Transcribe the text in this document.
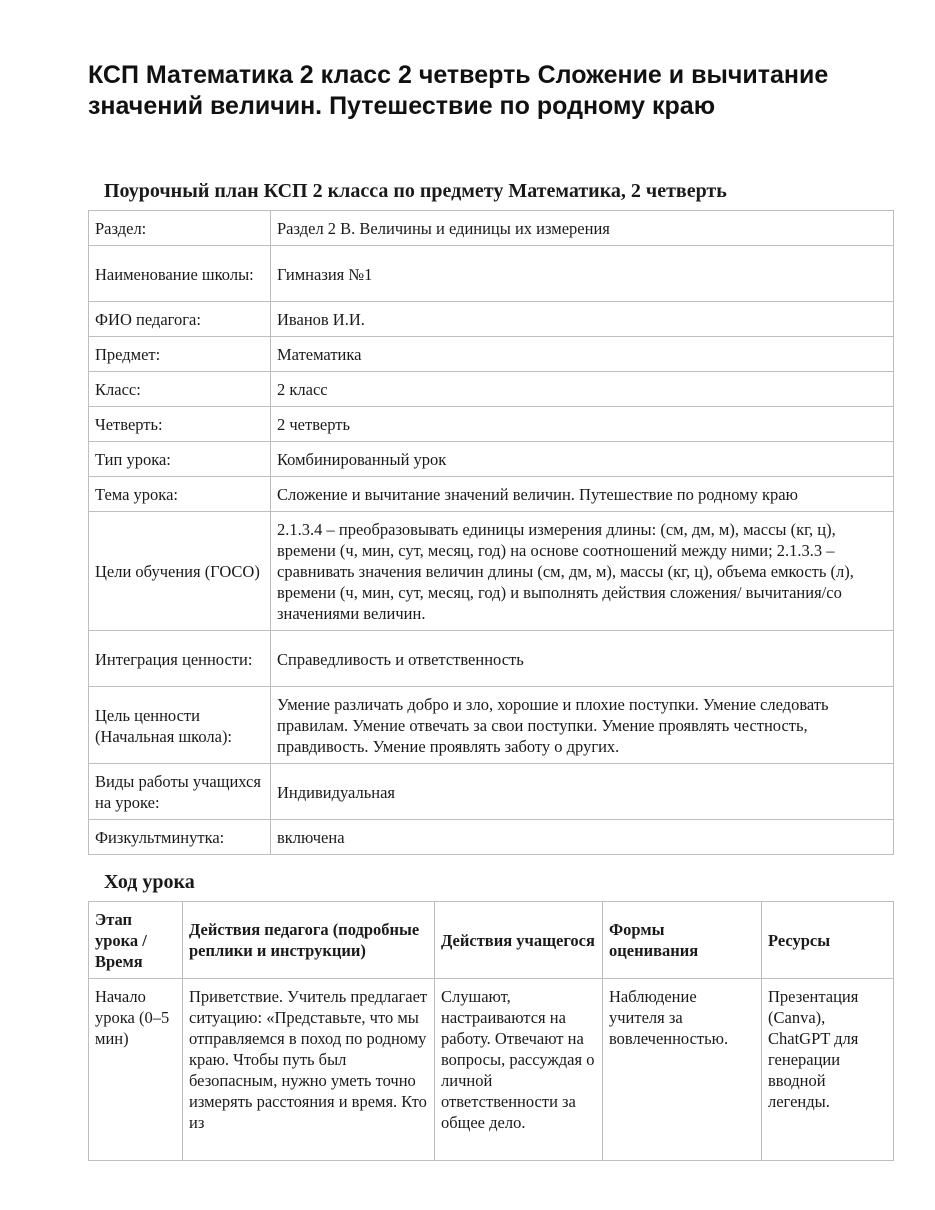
КСП Математика 2 класс 2 четверть Сложение и вычитание значений величин. Путешествие по родному краю
Поурочный план КСП 2 класса по предмету Математика, 2 четверть
Раздел:	Раздел 2 В. Величины и единицы их измерения
Наименование школы:	Гимназия №1
ФИО педагога:	Иванов И.И.
Предмет:	Математика
Класс:	2 класс
Четверть:	2 четверть
Тип урока:	Комбинированный урок
Тема урока:	Сложение и вычитание значений величин. Путешествие по родному краю
Цели обучения (ГОСО)	2.1.3.4 – преобразовывать единицы измерения длины: (см, дм, м), массы (кг, ц), времени (ч, мин, сут, месяц, год) на основе соотношений между ними; 2.1.3.3 – сравнивать значения величин длины (см, дм, м), массы (кг, ц), объема емкость (л), времени (ч, мин, сут, месяц, год) и выполнять действия сложения/ вычитания/со значениями величин.
Интеграция ценности:	Справедливость и ответственность
Цель ценности (Начальная школа):	Умение различать добро и зло, хорошие и плохие поступки. Умение следовать правилам. Умение отвечать за свои поступки. Умение проявлять честность, правдивость. Умение проявлять заботу о других.
Виды работы учащихся на уроке:	Индивидуальная
Физкультминутка:	включена
Ход урока
Этап урока / Время	Действия педагога (подробные реплики и инструкции)	Действия учащегося	Формы оценивания	Ресурсы
Начало урока (0–5 мин)	Приветствие. Учитель предлагает ситуацию: «Представьте, что мы отправляемся в поход по родному краю. Чтобы путь был безопасным, нужно уметь точно измерять расстояния и время. Кто из	Слушают, настраиваются на работу. Отвечают на вопросы, рассуждая о личной ответственности за общее дело.	Наблюдение учителя за вовлеченностью.	Презентация (Canva), ChatGPT для генерации вводной легенды.
